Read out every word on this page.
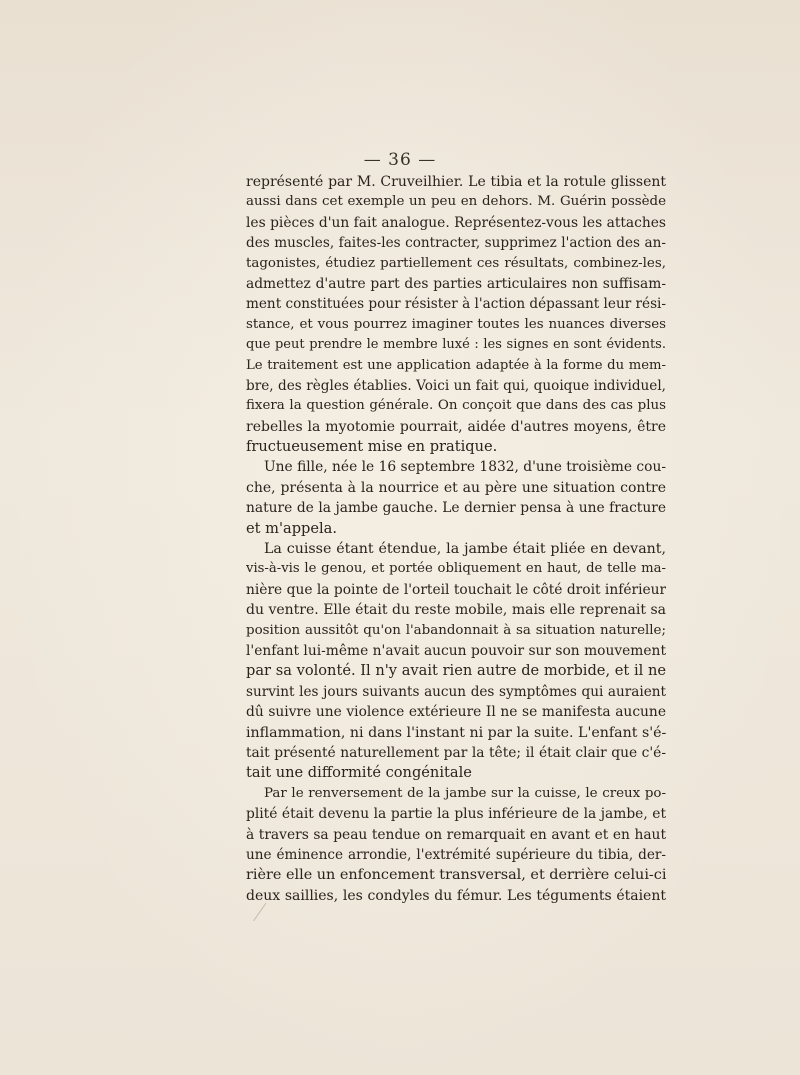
— 36 —
représenté par M. Cruveilhier. Le tibia et la rotule glissent
aussi dans cet exemple un peu en dehors. M. Guérin possède
les pièces d'un fait analogue. Représentez-vous les attaches
des muscles, faites-les contracter, supprimez l'action des an-
tagonistes, étudiez partiellement ces résultats, combinez-les,
admettez d'autre part des parties articulaires non suffisam-
ment constituées pour résister à l'action dépassant leur rési-
stance, et vous pourrez imaginer toutes les nuances diverses
que peut prendre le membre luxé : les signes en sont évidents.
Le traitement est une application adaptée à la forme du mem-
bre, des règles établies. Voici un fait qui, quoique individuel,
fixera la question générale. On conçoit que dans des cas plus
rebelles la myotomie pourrait, aidée d'autres moyens, être
fructueusement mise en pratique.
Une fille, née le 16 septembre 1832, d'une troisième cou-
che, présenta à la nourrice et au père une situation contre
nature de la jambe gauche. Le dernier pensa à une fracture
et m'appela.
La cuisse étant étendue, la jambe était pliée en devant,
vis-à-vis le genou, et portée obliquement en haut, de telle ma-
nière que la pointe de l'orteil touchait le côté droit inférieur
du ventre. Elle était du reste mobile, mais elle reprenait sa
position aussitôt qu'on l'abandonnait à sa situation naturelle;
l'enfant lui-même n'avait aucun pouvoir sur son mouvement
par sa volonté. Il n'y avait rien autre de morbide, et il ne
survint les jours suivants aucun des symptômes qui auraient
dû suivre une violence extérieure Il ne se manifesta aucune
inflammation, ni dans l'instant ni par la suite. L'enfant s'é-
tait présenté naturellement par la tête; il était clair que c'é-
tait une difformité congénitale
Par le renversement de la jambe sur la cuisse, le creux po-
plité était devenu la partie la plus inférieure de la jambe, et
à travers sa peau tendue on remarquait en avant et en haut
une éminence arrondie, l'extrémité supérieure du tibia, der-
rière elle un enfoncement transversal, et derrière celui-ci
deux saillies, les condyles du fémur. Les téguments étaient
